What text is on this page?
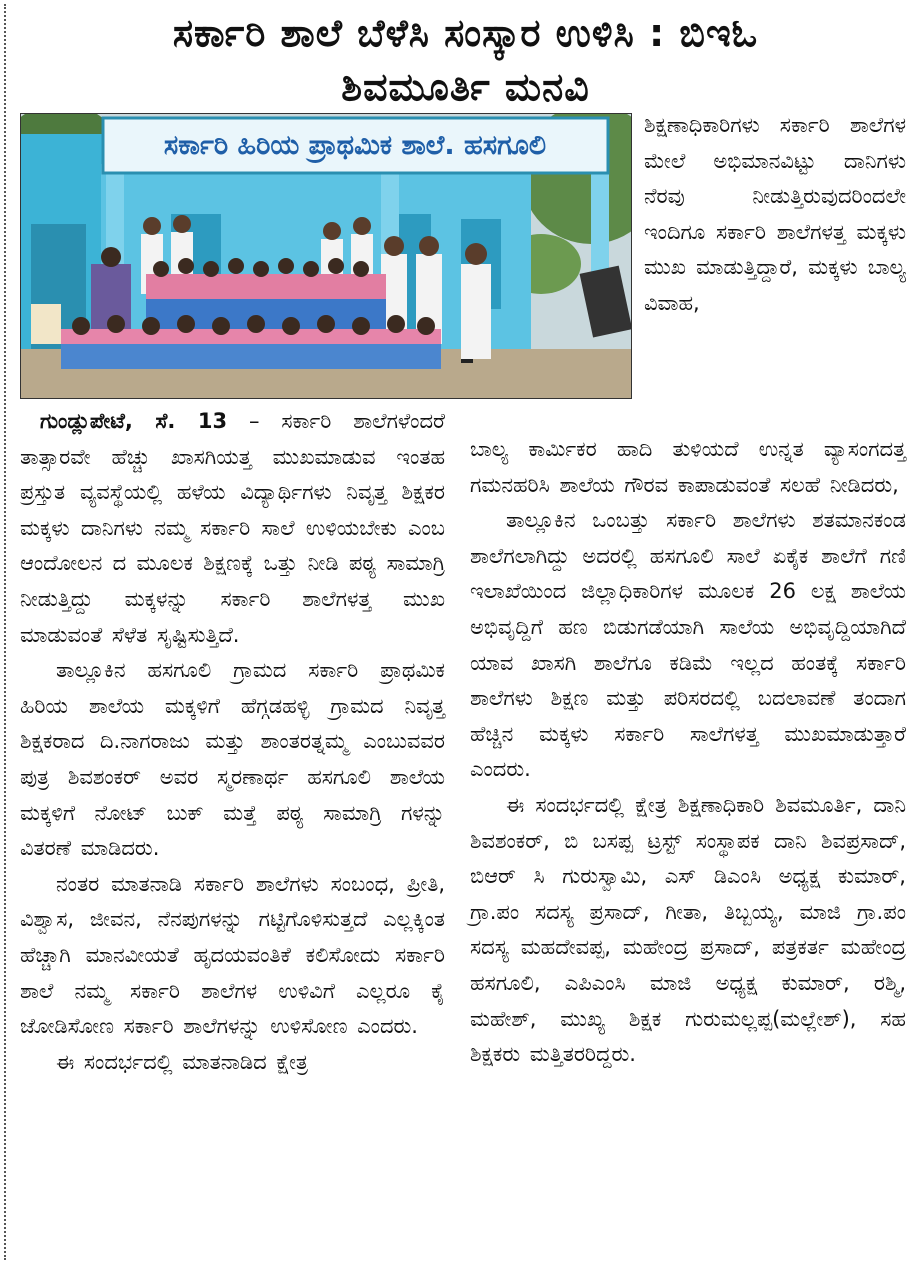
ಸರ್ಕಾರಿ ಶಾಲೆ ಬೆಳೆಸಿ ಸಂಸ್ಕಾರ ಉಳಿಸಿ : ಬಿಇಓ
ಶಿವಮೂರ್ತಿ ಮನವಿ
ಸರ್ಕಾರಿ ಹಿರಿಯ ಪ್ರಾಥಮಿಕ ಶಾಲೆ. ಹಸಗೂಲಿ

ಶಿಕ್ಷಣಾಧಿಕಾರಿಗಳು ಸರ್ಕಾರಿ ಶಾಲೆಗಳ ಮೇಲೆ ಅಭಿಮಾನವಿಟ್ಟು ದಾನಿಗಳು ನೆರವು ನೀಡುತ್ತಿರುವುದರಿಂದಲೇ ಇಂದಿಗೂ ಸರ್ಕಾರಿ ಶಾಲೆಗಳತ್ತ ಮಕ್ಕಳು ಮುಖ ಮಾಡುತ್ತಿದ್ದಾರೆ, ಮಕ್ಕಳು ಬಾಲ್ಯ ವಿವಾಹ,

ಗುಂಡ್ಲುಪೇಟೆ, ಸೆ. 13 – ಸರ್ಕಾರಿ ಶಾಲೆಗಳೆಂದರೆ ತಾತ್ಸಾರವೇ ಹೆಚ್ಚು ಖಾಸಗಿಯತ್ತ ಮುಖಮಾಡುವ ಇಂತಹ ಪ್ರಸ್ತುತ ವ್ಯವಸ್ಥೆಯಲ್ಲಿ ಹಳೆಯ ವಿದ್ಯಾರ್ಥಿಗಳು ನಿವೃತ್ತ ಶಿಕ್ಷಕರ ಮಕ್ಕಳು ದಾನಿಗಳು ನಮ್ಮ ಸರ್ಕಾರಿ ಸಾಲೆ ಉಳಿಯಬೇಕು ಎಂಬ ಆಂದೋಲನ ದ ಮೂಲಕ ಶಿಕ್ಷಣಕ್ಕೆ ಒತ್ತು ನೀಡಿ ಪಠ್ಯ ಸಾಮಾಗ್ರಿ ನೀಡುತ್ತಿದ್ದು ಮಕ್ಕಳನ್ನು ಸರ್ಕಾರಿ ಶಾಲೆಗಳತ್ತ ಮುಖ ಮಾಡುವಂತೆ ಸೆಳೆತ ಸೃಷ್ಟಿಸುತ್ತಿದೆ.

ತಾಲ್ಲೂಕಿನ ಹಸಗೂಲಿ ಗ್ರಾಮದ ಸರ್ಕಾರಿ ಪ್ರಾಥಮಿಕ ಹಿರಿಯ ಶಾಲೆಯ ಮಕ್ಕಳಿಗೆ ಹೆಗ್ಗಡಹಳ್ಳಿ ಗ್ರಾಮದ ನಿವೃತ್ತ ಶಿಕ್ಷಕರಾದ ದಿ.ನಾಗರಾಜು ಮತ್ತು ಶಾಂತರತ್ನಮ್ಮ ಎಂಬುವವರ ಪುತ್ರ ಶಿವಶಂಕರ್ ಅವರ ಸ್ಮರಣಾರ್ಥ ಹಸಗೂಲಿ ಶಾಲೆಯ ಮಕ್ಕಳಿಗೆ ನೋಟ್ ಬುಕ್ ಮತ್ತೆ ಪಠ್ಯ ಸಾಮಾಗ್ರಿ ಗಳನ್ನು ವಿತರಣೆ ಮಾಡಿದರು.

ನಂತರ ಮಾತನಾಡಿ ಸರ್ಕಾರಿ ಶಾಲೆಗಳು ಸಂಬಂಧ, ಪ್ರೀತಿ, ವಿಶ್ವಾಸ, ಜೀವನ, ನೆನಪುಗಳನ್ನು ಗಟ್ಟಿಗೊಳಿಸುತ್ತದೆ ಎಲ್ಲಕ್ಕಿಂತ ಹೆಚ್ಚಾಗಿ ಮಾನವೀಯತೆ ಹೃದಯವಂತಿಕೆ ಕಲಿಸೋದು ಸರ್ಕಾರಿ ಶಾಲೆ ನಮ್ಮ ಸರ್ಕಾರಿ ಶಾಲೆಗಳ ಉಳಿವಿಗೆ ಎಲ್ಲರೂ ಕೈ ಜೋಡಿಸೋಣ ಸರ್ಕಾರಿ ಶಾಲೆಗಳನ್ನು ಉಳಿಸೋಣ ಎಂದರು.

ಈ ಸಂದರ್ಭದಲ್ಲಿ ಮಾತನಾಡಿದ ಕ್ಷೇತ್ರ

ಬಾಲ್ಯ ಕಾರ್ಮಿಕರ ಹಾದಿ ತುಳಿಯದೆ ಉನ್ನತ ವ್ಯಾಸಂಗದತ್ತ ಗಮನಹರಿಸಿ ಶಾಲೆಯ ಗೌರವ ಕಾಪಾಡುವಂತೆ ಸಲಹೆ ನೀಡಿದರು,

ತಾಲ್ಲೂಕಿನ ಒಂಬತ್ತು ಸರ್ಕಾರಿ ಶಾಲೆಗಳು ಶತಮಾನಕಂಡ ಶಾಲೆಗಲಾಗಿದ್ದು ಅದರಲ್ಲಿ ಹಸಗೂಲಿ ಸಾಲೆ ಏಕೈಕ ಶಾಲೆಗೆ ಗಣಿ ಇಲಾಖೆಯಿಂದ ಜಿಲ್ಲಾಧಿಕಾರಿಗಳ ಮೂಲಕ 26 ಲಕ್ಷ ಶಾಲೆಯ ಅಭಿವೃದ್ದಿಗೆ ಹಣ ಬಿಡುಗಡೆಯಾಗಿ ಸಾಲೆಯ ಅಭಿವೃದ್ದಿಯಾಗಿದೆ ಯಾವ ಖಾಸಗಿ ಶಾಲೆಗೂ ಕಡಿಮೆ ಇಲ್ಲದ ಹಂತಕ್ಕೆ ಸರ್ಕಾರಿ ಶಾಲೆಗಳು ಶಿಕ್ಷಣ ಮತ್ತು ಪರಿಸರದಲ್ಲಿ ಬದಲಾವಣೆ ತಂದಾಗ ಹೆಚ್ಚಿನ ಮಕ್ಕಳು ಸರ್ಕಾರಿ ಸಾಲೆಗಳತ್ತ ಮುಖಮಾಡುತ್ತಾರೆ ಎಂದರು.

ಈ ಸಂದರ್ಭದಲ್ಲಿ ಕ್ಷೇತ್ರ ಶಿಕ್ಷಣಾಧಿಕಾರಿ ಶಿವಮೂರ್ತಿ, ದಾನಿ ಶಿವಶಂಕರ್, ಬಿ ಬಸಪ್ಪ ಟ್ರಸ್ಟ್ ಸಂಸ್ಥಾಪಕ ದಾನಿ ಶಿವಪ್ರಸಾದ್, ಬಿಆರ್ ಸಿ ಗುರುಸ್ವಾಮಿ, ಎಸ್ ಡಿಎಂಸಿ ಅಧ್ಯಕ್ಷ ಕುಮಾರ್, ಗ್ರಾ.ಪಂ ಸದಸ್ಯ ಪ್ರಸಾದ್, ಗೀತಾ, ತಿಬ್ಬಯ್ಯ, ಮಾಜಿ ಗ್ರಾ.ಪಂ ಸದಸ್ಯ ಮಹದೇವಪ್ಪ, ಮಹೇಂದ್ರ ಪ್ರಸಾದ್, ಪತ್ರಕರ್ತ ಮಹೇಂದ್ರ ಹಸಗೂಲಿ, ಎಪಿಎಂಸಿ ಮಾಜಿ ಅಧ್ಯಕ್ಷ ಕುಮಾರ್, ರಶ್ಮಿ, ಮಹೇಶ್, ಮುಖ್ಯ ಶಿಕ್ಷಕ ಗುರುಮಲ್ಲಪ್ಪ(ಮಲ್ಲೇಶ್), ಸಹ ಶಿಕ್ಷಕರು ಮತ್ತಿತರರಿದ್ದರು.
